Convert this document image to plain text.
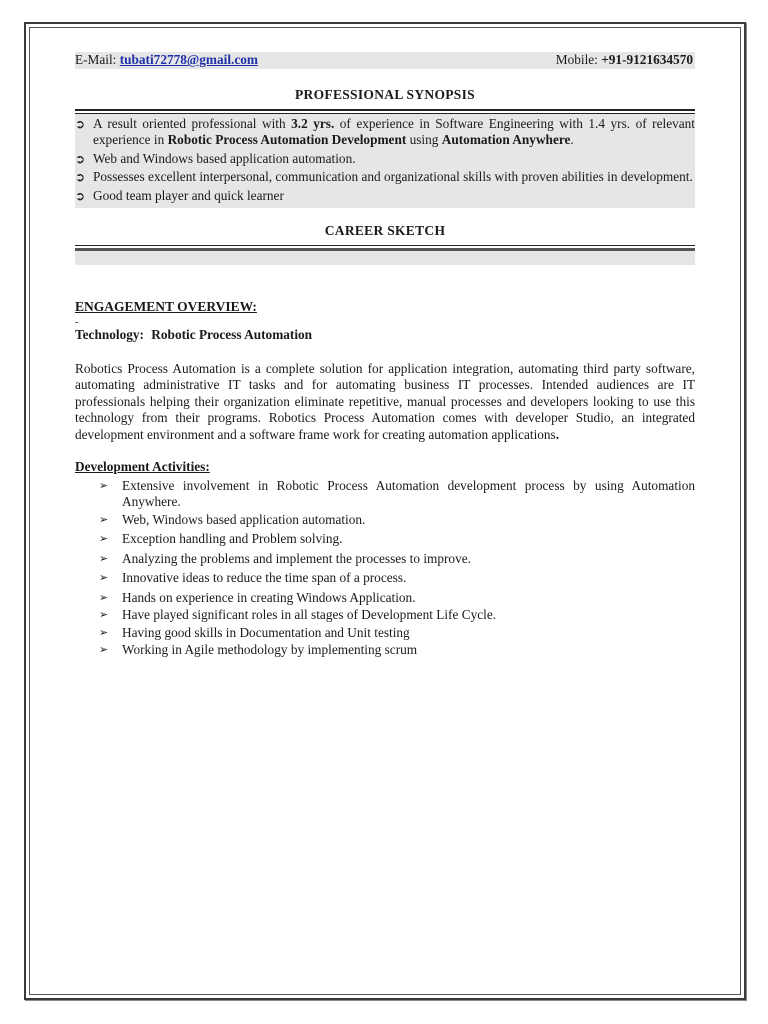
E-Mail: tubati72778@gmail.com	Mobile: +91-9121634570
PROFESSIONAL SYNOPSIS
➲ A result oriented professional with 3.2 yrs. of experience in Software Engineering with 1.4 yrs. of relevant experience in Robotic Process Automation Development using Automation Anywhere.
➲ Web and Windows based application automation.
➲ Possesses excellent interpersonal, communication and organizational skills with proven abilities in development.
➲ Good team player and quick learner
CAREER SKETCH
ENGAGEMENT OVERVIEW:
-
Technology: Robotic Process Automation
Robotics Process Automation is a complete solution for application integration, automating third party software, automating administrative IT tasks and for automating business IT processes. Intended audiences are IT professionals helping their organization eliminate repetitive, manual processes and developers looking to use this technology from their programs. Robotics Process Automation comes with developer Studio, an integrated development environment and a software frame work for creating automation applications.
Development Activities:
➢ Extensive involvement in Robotic Process Automation development process by using Automation Anywhere.
➢ Web, Windows based application automation.
➢ Exception handling and Problem solving.
➢ Analyzing the problems and implement the processes to improve.
➢ Innovative ideas to reduce the time span of a process.
➢ Hands on experience in creating Windows Application.
➢ Have played significant roles in all stages of Development Life Cycle.
➢ Having good skills in Documentation and Unit testing
➢ Working in Agile methodology by implementing scrum
